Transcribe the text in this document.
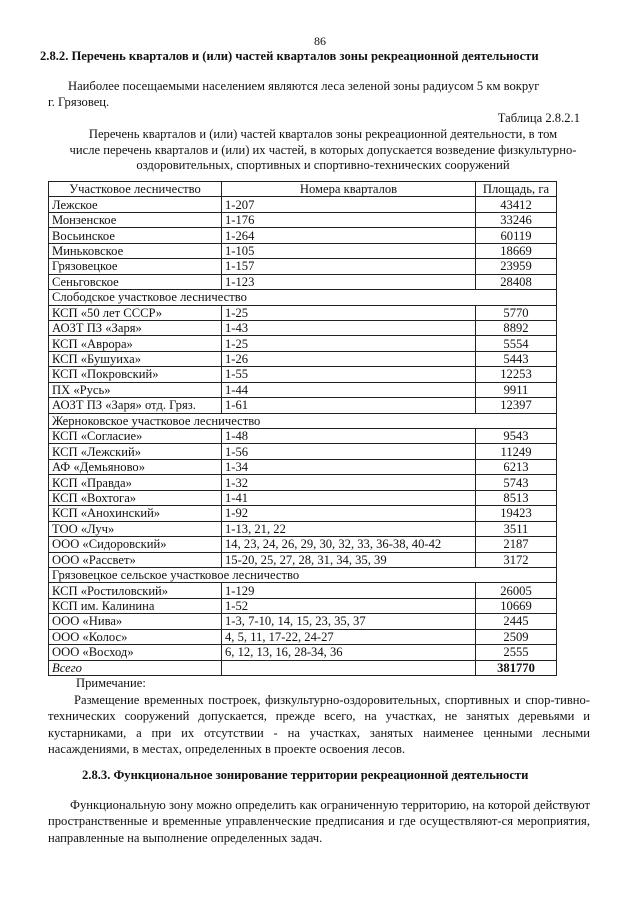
86
2.8.2. Перечень кварталов и (или) частей кварталов зоны рекреационной деятельности
Наиболее посещаемыми населением являются леса зеленой зоны радиусом 5 км вокруг
г. Грязовец.
Таблица 2.8.2.1
Перечень кварталов и (или) частей кварталов зоны рекреационной деятельности, в том
числе перечень кварталов и (или) их частей, в которых допускается возведение физкультурно-
оздоровительных, спортивных и спортивно-технических сооружений
Участковое лесничество	Номера кварталов	Площадь, га
Лежское	1-207	43412
Монзенское	1-176	33246
Восьинское	1-264	60119
Миньковское	1-105	18669
Грязовецкое	1-157	23959
Сеньговское	1-123	28408
Слободское участковое лесничество		
КСП «50 лет СССР»	1-25	5770
АОЗТ ПЗ «Заря»	1-43	8892
КСП «Аврора»	1-25	5554
КСП «Бушуиха»	1-26	5443
КСП «Покровский»	1-55	12253
ПХ «Русь»	1-44	9911
АОЗТ ПЗ «Заря» отд. Гряз.	1-61	12397
Жерноковское участковое лесничество		
КСП «Согласие»	1-48	9543
КСП «Лежский»	1-56	11249
АФ «Демьяново»	1-34	6213
КСП «Правда»	1-32	5743
КСП «Вохтога»	1-41	8513
КСП «Анохинский»	1-92	19423
ТОО «Луч»	1-13, 21, 22	3511
ООО «Сидоровский»	14, 23, 24, 26, 29, 30, 32, 33, 36-38, 40-42	2187
ООО «Рассвет»	15-20, 25, 27, 28, 31, 34, 35, 39	3172
Грязовецкое сельское участковое лесничество		
КСП «Ростиловский»	1-129	26005
КСП им. Калинина	1-52	10669
ООО «Нива»	1-3, 7-10, 14, 15, 23, 35, 37	2445
ООО «Колос»	4, 5, 11, 17-22, 24-27	2509
ООО «Восход»	6, 12, 13, 16, 28-34, 36	2555
Всего		381770
Примечание:
Размещение временных построек, физкультурно-оздоровительных, спортивных и спор-тивно-технических сооружений допускается, прежде всего, на участках, не занятых деревьями и кустарниками, а при их отсутствии - на участках, занятых наименее ценными лесными насаждениями, в местах, определенных в проекте освоения лесов.
2.8.3. Функциональное зонирование территории рекреационной деятельности
Функциональную зону можно определить как ограниченную территорию, на которой действуют пространственные и временные управленческие предписания и где осуществляют-ся мероприятия, направленные на выполнение определенных задач.
